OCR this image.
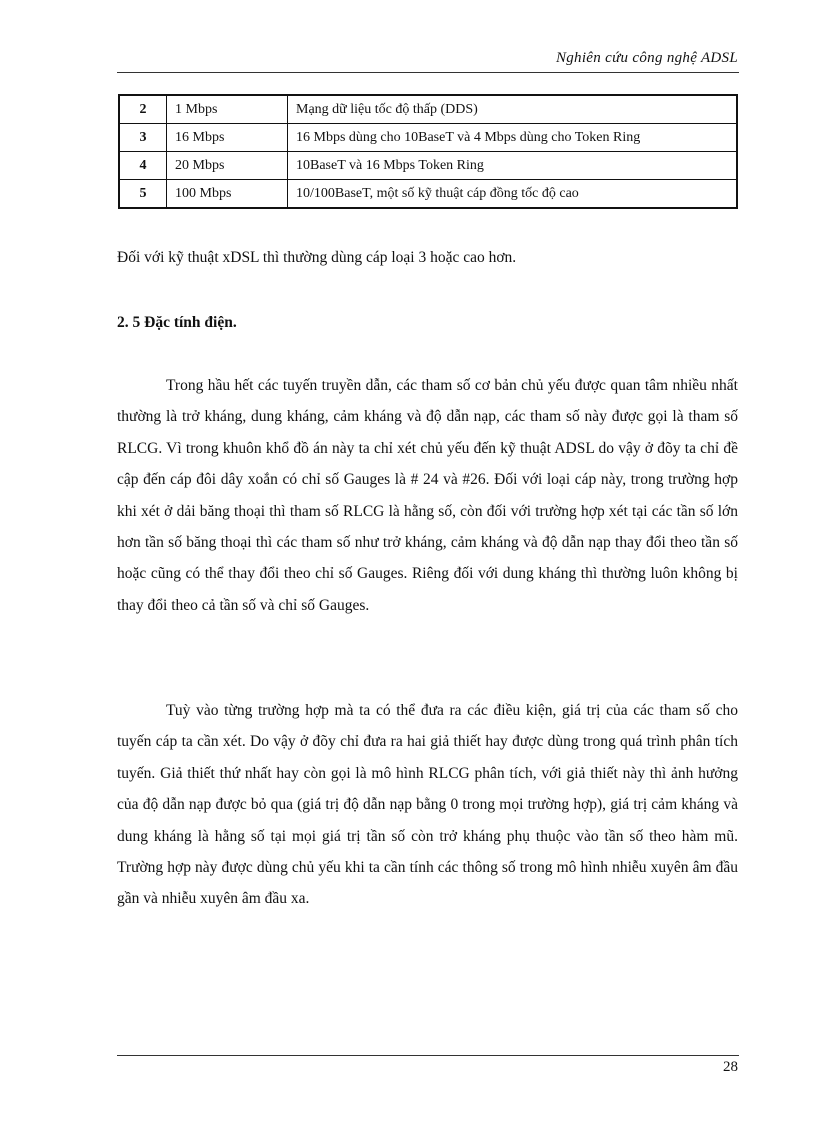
Nghiên cứu công nghệ ADSL
2	1 Mbps	Mạng dữ liệu tốc độ thấp (DDS)
3	16 Mbps	16 Mbps dùng cho 10BaseT và 4 Mbps dùng cho Token Ring
4	20 Mbps	10BaseT và 16 Mbps Token Ring
5	100 Mbps	10/100BaseT, một số kỹ thuật cáp đồng tốc độ cao

Đối với kỹ thuật xDSL thì thường dùng cáp loại 3 hoặc cao hơn.

2. 5 Đặc tính điện.

Trong hầu hết các tuyến truyền dẫn, các tham số cơ bản chủ yếu được quan tâm nhiều nhất thường là trở kháng, dung kháng, cảm kháng và độ dẫn nạp, các tham số này được gọi là tham số RLCG. Vì trong khuôn khổ đồ án này ta chỉ xét chủ yếu đến kỹ thuật ADSL do vậy ở đõy ta chỉ đề cập đến cáp đôi dây xoắn có chỉ số Gauges là # 24 và #26. Đối với loại cáp này, trong trường hợp khi xét ở dải băng thoại thì tham số RLCG là hằng số, còn đối với trường hợp xét tại các tần số lớn hơn tần số băng thoại thì các tham số như trở kháng, cảm kháng và độ dẫn nạp thay đổi theo tần số hoặc cũng có thể thay đổi theo chỉ số Gauges. Riêng đối với dung kháng thì thường luôn không bị thay đổi theo cả tần số và chỉ số Gauges.

Tuỳ vào từng trường hợp mà ta có thể đưa ra các điều kiện, giá trị của các tham số cho tuyến cáp ta cần xét. Do vậy ở đõy chỉ đưa ra hai giả thiết hay được dùng trong quá trình phân tích tuyến. Giả thiết thứ nhất hay còn gọi là mô hình RLCG phân tích, với giả thiết này thì ảnh hưởng của độ dẫn nạp được bỏ qua (giá trị độ dẫn nạp bằng 0 trong mọi trường hợp), giá trị cảm kháng và dung kháng là hằng số tại mọi giá trị tần số còn trở kháng phụ thuộc vào tần số theo hàm mũ. Trường hợp này được dùng chủ yếu khi ta cần tính các thông số trong mô hình nhiễu xuyên âm đầu gần và nhiễu xuyên âm đầu xa.

28
